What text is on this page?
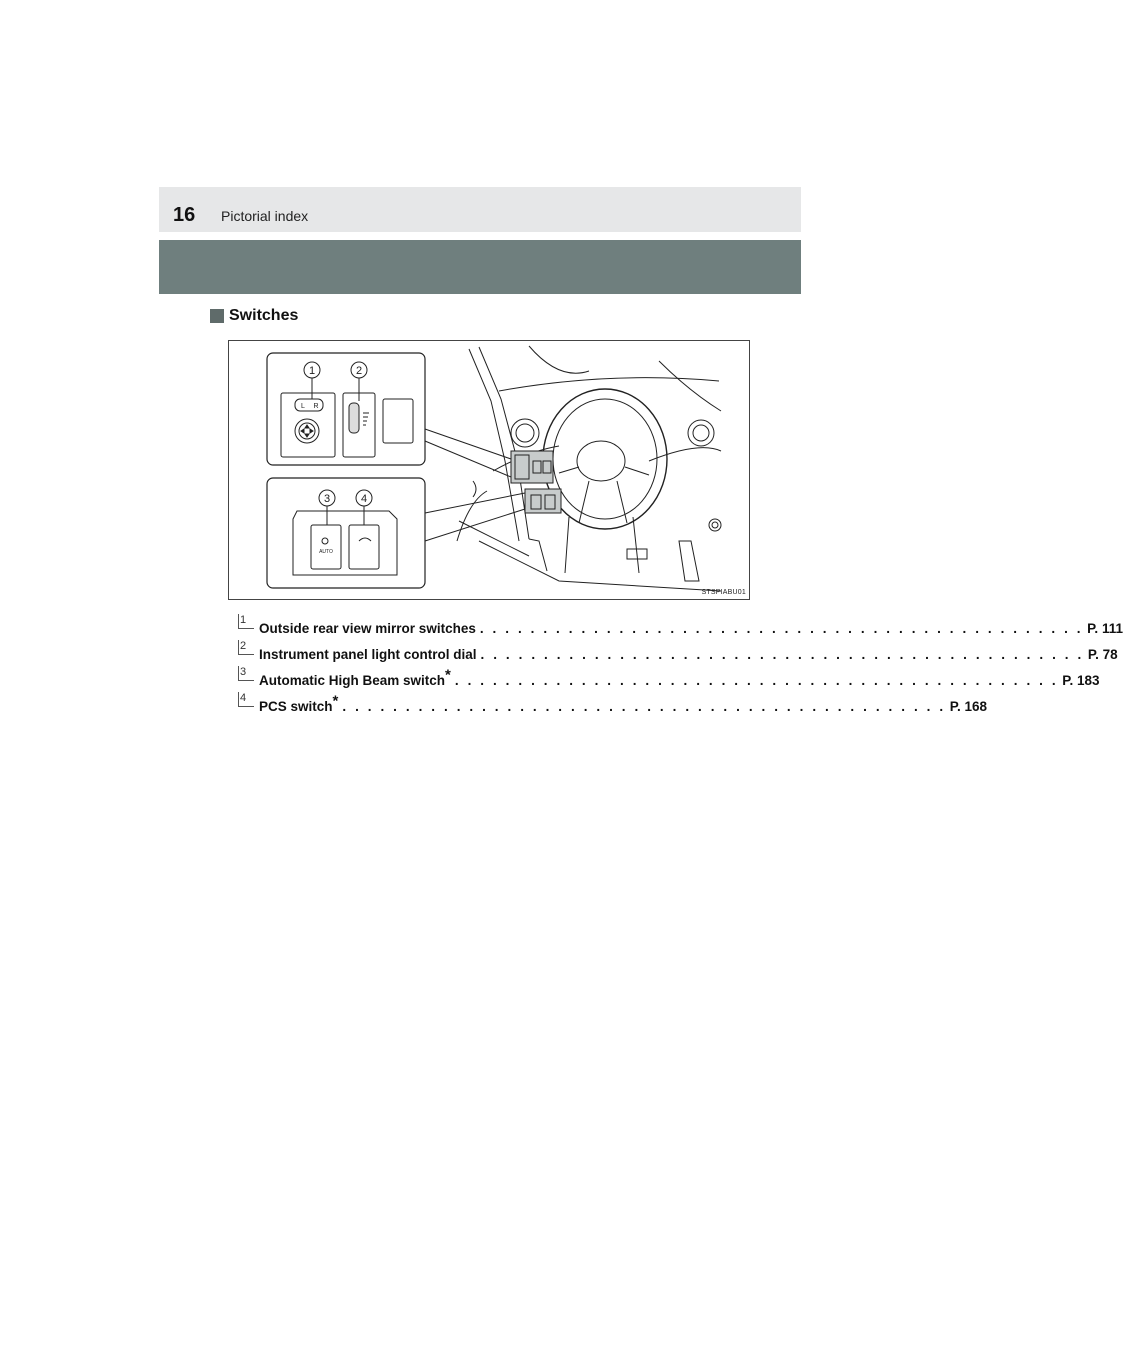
16 Pictorial index
Switches
1	2
3	4
L R
AUTO
STSPIABU01
1
Outside rear view mirror switches . . . . . . . . . . . . . . . . . . . . . . . . . . . . . . . . . . . . . . . . . . . . . . . . P. 111
2
Instrument panel light control dial . . . . . . . . . . . . . . . . . . . . . . . . . . . . . . . . . . . . . . . . . . . . . . . . P. 78
3
Automatic High Beam switch* . . . . . . . . . . . . . . . . . . . . . . . . . . . . . . . . . . . . . . . . . . . . . . . . P. 183
4
PCS switch* . . . . . . . . . . . . . . . . . . . . . . . . . . . . . . . . . . . . . . . . . . . . . . . . P. 168
